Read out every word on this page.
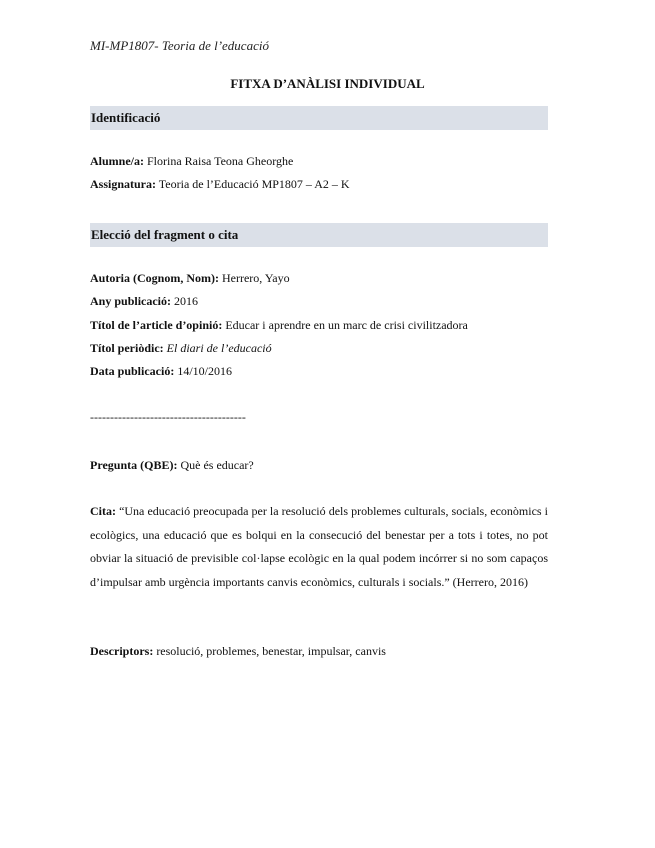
MI-MP1807- Teoria de l’educació
FITXA D’ANÀLISI INDIVIDUAL
Identificació
Alumne/a: Florina Raisa Teona Gheorghe
Assignatura: Teoria de l’Educació MP1807 – A2 – K
Elecció del fragment o cita
Autoria (Cognom, Nom): Herrero, Yayo
Any publicació: 2016
Títol de l’article d’opinió: Educar i aprendre en un marc de crisi civilitzadora
Títol periòdic: El diari de l’educació
Data publicació: 14/10/2016
---------------------------------------
Pregunta (QBE): Què és educar?
Cita: “Una educació preocupada per la resolució dels problemes culturals, socials, econòmics i ecològics, una educació que es bolqui en la consecució del benestar per a tots i totes, no pot obviar la situació de previsible col·lapse ecològic en la qual podem incórrer si no som capaços d’impulsar amb urgència importants canvis econòmics, culturals i socials.” (Herrero, 2016)
Descriptors: resolució, problemes, benestar, impulsar, canvis
